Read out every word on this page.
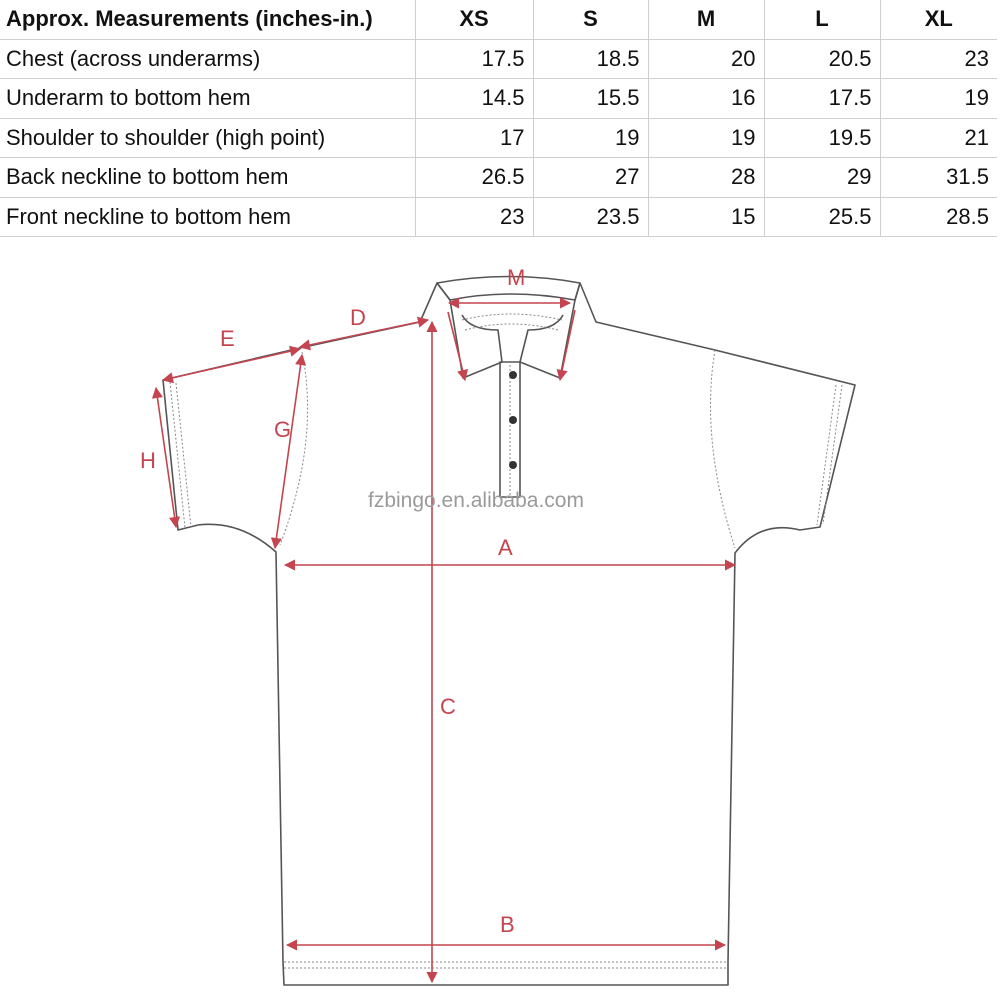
Approx. Measurements (inches-in.)	XS	S	M	L	XL
Chest (across underarms)	17.5	18.5	20	20.5	23
Underarm to bottom hem	14.5	15.5	16	17.5	19
Shoulder to shoulder (high point)	17	19	19	19.5	21
Back neckline to bottom hem	26.5	27	28	29	31.5
Front neckline to bottom hem	23	23.5	15	25.5	28.5
M
D
E
G
H
A
C
B
fzbingo.en.alibaba.com
